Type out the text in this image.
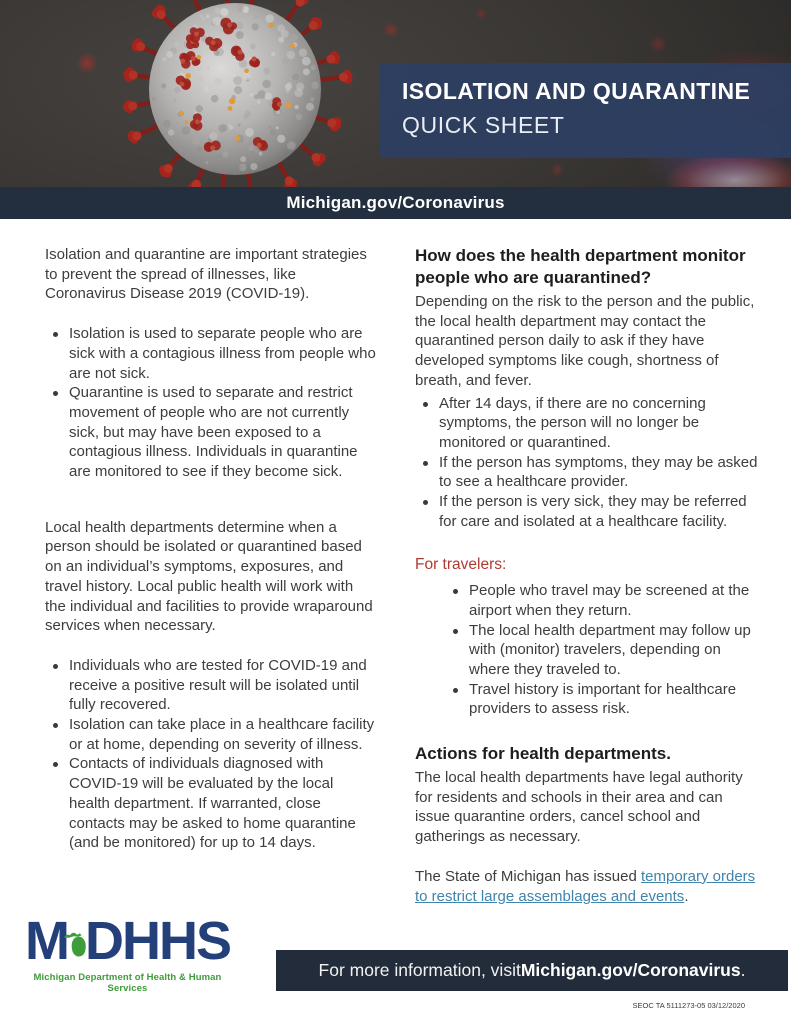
ISOLATION AND QUARANTINE
QUICK SHEET
Michigan.gov/Coronavirus

Isolation and quarantine are important strategies to prevent the spread of illnesses, like Coronavirus Disease 2019 (COVID-19).

Isolation is used to separate people who are sick with a contagious illness from people who are not sick.
Quarantine is used to separate and restrict movement of people who are not currently sick, but may have been exposed to a contagious illness. Individuals in quarantine are monitored to see if they become sick.

Local health departments determine when a person should be isolated or quarantined based on an individual’s symptoms, exposures, and travel history. Local public health will work with the individual and facilities to provide wraparound services when necessary.

Individuals who are tested for COVID-19 and receive a positive result will be isolated until fully recovered.
Isolation can take place in a healthcare facility or at home, depending on severity of illness.
Contacts of individuals diagnosed with COVID-19 will be evaluated by the local health department. If warranted, close contacts may be asked to home quarantine (and be monitored) for up to 14 days.
How does the health department monitor people who are quarantined?

Depending on the risk to the person and the public, the local health department may contact the quarantined person daily to ask if they have developed symptoms like cough, shortness of breath, and fever.

After 14 days, if there are no concerning symptoms, the person will no longer be monitored or quarantined.
If the person has symptoms, they may be asked to see a healthcare provider.
If the person is very sick, they may be referred for care and isolated at a healthcare facility.
For travelers:
People who travel may be screened at the airport when they return.
The local health department may follow up with (monitor) travelers, depending on where they traveled to.
Travel history is important for healthcare providers to assess risk.
Actions for health departments.

The local health departments have legal authority for residents and schools in their area and can issue quarantine orders, cancel school and gatherings as necessary.

The State of Michigan has issued temporary orders to restrict large assemblages and events.

M DHHS
Michigan Department of Health & Human Services
For more information, visit Michigan.gov/Coronavirus .
SEOC TA 5111273-05 03/12/2020
